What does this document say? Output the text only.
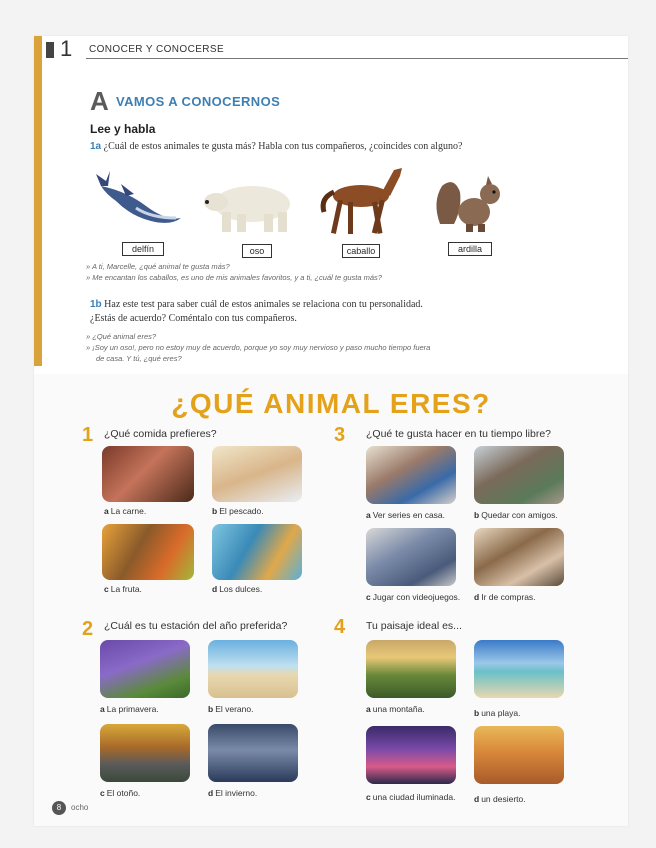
1 CONOCER Y CONOCERSE
A VAMOS A CONOCERNOS
Lee y habla
1a ¿Cuál de estos animales te gusta más? Habla con tus compañeros, ¿coincides con alguno?
delfín	oso	caballo	ardilla
» A ti, Marcelle, ¿qué animal te gusta más?
» Me encantan los caballos, es uno de mis animales favoritos, y a ti, ¿cuál te gusta más?
1b Haz este test para saber cuál de estos animales se relaciona con tu personalidad.
¿Estás de acuerdo? Coméntalo con tus compañeros.
» ¿Qué animal eres?
» ¡Soy un oso!, pero no estoy muy de acuerdo, porque yo soy muy nervioso y paso mucho tiempo fuera
de casa. Y tú, ¿qué eres?
¿QUÉ ANIMAL ERES?
1 ¿Qué comida prefieres?
a La carne.	b El pescado.
c La fruta.	d Los dulces.
2 ¿Cuál es tu estación del año preferida?
a La primavera.	b El verano.
c El otoño.	d El invierno.
3 ¿Qué te gusta hacer en tu tiempo libre?
a Ver series en casa.	b Quedar con amigos.
c Jugar con videojuegos. d Ir de compras.
4 Tu paisaje ideal es...
a una montaña.	b una playa.
c una ciudad iluminada. d un desierto.
8	ocho
